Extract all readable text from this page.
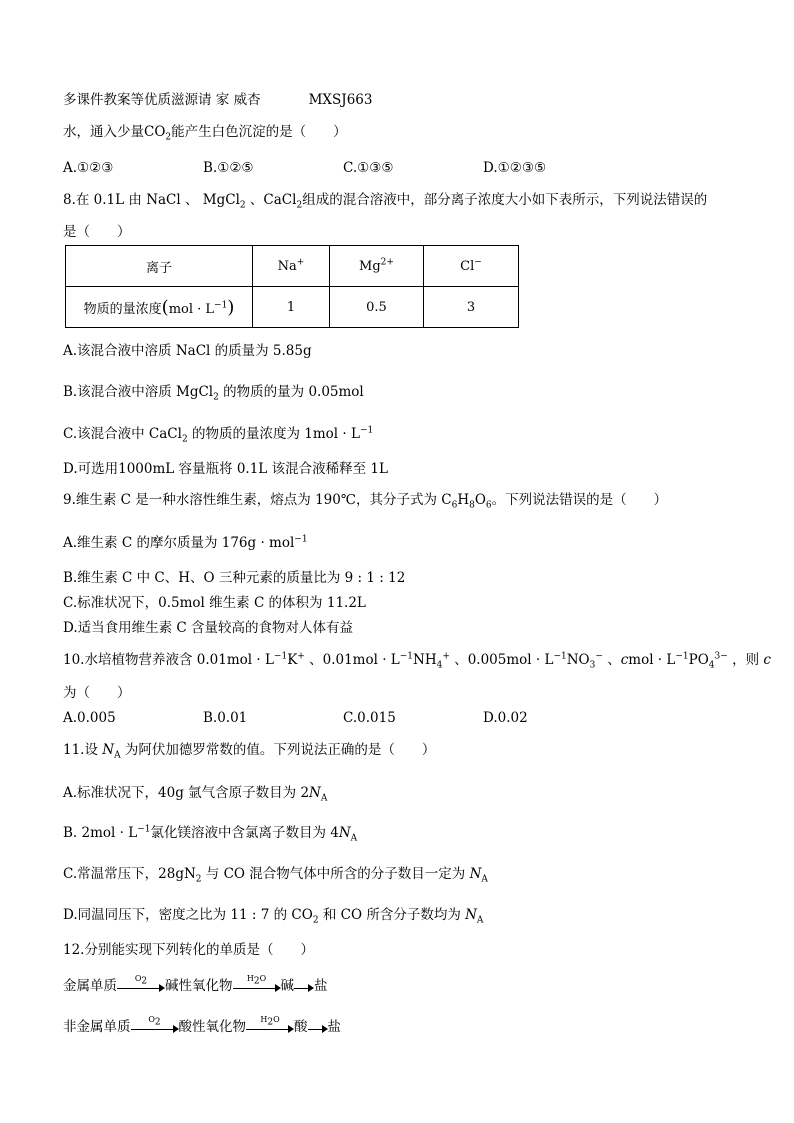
多课件教案等优质滋源请 家 威杏	MXSJ663
水，通入少量$CO_2$能产生白色沉淀的是（　　）
A.①②③	B.①②⑤	C.①③⑤	D.①②③⑤
8.在 0.1L 由 NaCl 、 MgCl$_2$ 、CaCl$_2$组成的混合溶液中，部分离子浓度大小如下表所示，下列说法错误的
是（　　）
离子	Na+	$Mg^{2+}$	Cl−
物质的量浓度$(mol \cdot L^{-1})$	1	0.5	3
A.该混合液中溶质 NaCl 的质量为 5.85g
B.该混合液中溶质 MgCl$_2$ 的物质的量为 0.05mol
C.该混合液中 CaCl$_2$ 的物质的量浓度为 $1mol \cdot L^{-1}$
D.可选用1000mL 容量瓶将 0.1L 该混合液稀释至 1L
9.维生素 C 是一种水溶性维生素，熔点为 190℃，其分子式为 $C_6H_8O_6$。下列说法错误的是（　　）
A.维生素 C 的摩尔质量为 176g · mol$^{-1}$
B.维生素 C 中 C、H、O 三种元素的质量比为 9 : 1 : 12
C.标准状况下，0.5mol 维生素 C 的体积为 11.2L
D.适当食用维生素 C 含量较高的食物对人体有益
10.水培植物营养液含 $0.01mol \cdot L^{-1}K^+$ 、$0.01mol \cdot L^{-1}NH_4^+$ 、$0.005mol \cdot L^{-1}NO_3^-$ 、cmol · $L^{-1}PO_4^{3-}$ ，则 c
为（　　）
A.0.005	B.0.01	C.0.015	D.0.02
11.设 $N_A$ 为阿伏加德罗常数的值。下列说法正确的是（　　）
A.标准状况下，40g 氩气含原子数目为 $2N_A$
B. $2mol \cdot L^{-1}$氯化镁溶液中含氯离子数目为 $4N_A$
C.常温常压下，$28gN_2$ 与 CO 混合物气体中所含的分子数目一定为 $N_A$
D.同温同压下，密度之比为 11 : 7 的 $CO_2$ 和 CO 所含分子数均为 $N_A$
12.分别能实现下列转化的单质是（　　）
金属单质	$O_2$	碱性氧化物	$H_2O$	碱 盐
非金属单质	$O_2$	酸性氧化物	$H_2O$	酸 盐
